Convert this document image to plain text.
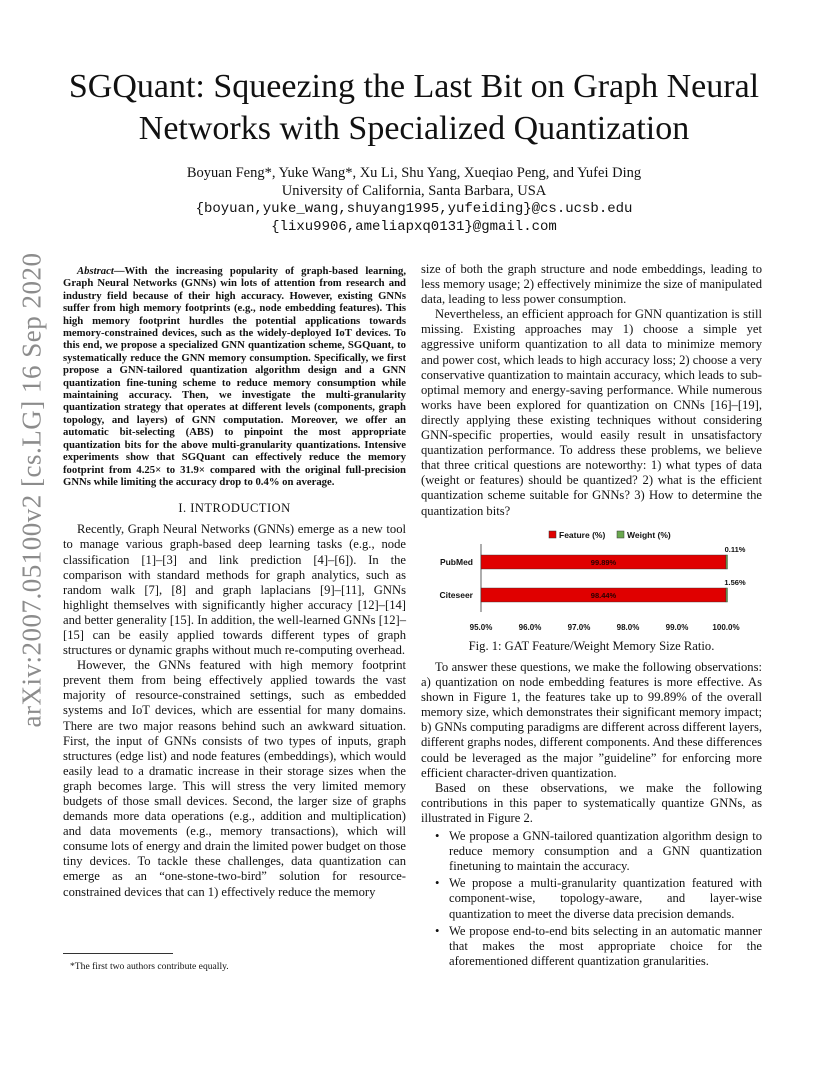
arXiv:2007.05100v2 [cs.LG] 16 Sep 2020
SGQuant: Squeezing the Last Bit on Graph Neural
Networks with Specialized Quantization
Boyuan Feng*, Yuke Wang*, Xu Li, Shu Yang, Xueqiao Peng, and Yufei Ding
University of California, Santa Barbara, USA
{boyuan,yuke_wang,shuyang1995,yufeiding}@cs.ucsb.edu
{lixu9906,ameliapxq0131}@gmail.com

Abstract—With the increasing popularity of graph-based learning, Graph Neural Networks (GNNs) win lots of attention from research and industry field because of their high accuracy. However, existing GNNs suffer from high memory footprints (e.g., node embedding features). This high memory footprint hurdles the potential applications towards memory-constrained devices, such as the widely-deployed IoT devices. To this end, we propose a specialized GNN quantization scheme, SGQuant, to systematically reduce the GNN memory consumption. Specifically, we first propose a GNN-tailored quantization algorithm design and a GNN quantization fine-tuning scheme to reduce memory consumption while maintaining accuracy. Then, we investigate the multi-granularity quantization strategy that operates at different levels (components, graph topology, and layers) of GNN computation. Moreover, we offer an automatic bit-selecting (ABS) to pinpoint the most appropriate quantization bits for the above multi-granularity quantizations. Intensive experiments show that SGQuant can effectively reduce the memory footprint from 4.25× to 31.9× compared with the original full-precision GNNs while limiting the accuracy drop to 0.4% on average.

I. INTRODUCTION

Recently, Graph Neural Networks (GNNs) emerge as a new tool to manage various graph-based deep learning tasks (e.g., node classification [1]–[3] and link prediction [4]–[6]). In the comparison with standard methods for graph analytics, such as random walk [7], [8] and graph laplacians [9]–[11], GNNs highlight themselves with significantly higher accuracy [12]–[14] and better generality [15]. In addition, the well-learned GNNs [12]–[15] can be easily applied towards different types of graph structures or dynamic graphs without much re-computing overhead.

However, the GNNs featured with high memory footprint prevent them from being effectively applied towards the vast majority of resource-constrained settings, such as embedded systems and IoT devices, which are essential for many domains. There are two major reasons behind such an awkward situation. First, the input of GNNs consists of two types of inputs, graph structures (edge list) and node features (embeddings), which would easily lead to a dramatic increase in their storage sizes when the graph becomes large. This will stress the very limited memory budgets of those small devices. Second, the larger size of graphs demands more data operations (e.g., addition and multiplication) and data movements (e.g., memory transactions), which will consume lots of energy and drain the limited power budget on those tiny devices. To tackle these challenges, data quantization can emerge as an “one-stone-two-bird” solution for resource-constrained devices that can 1) effectively reduce the memory

*The first two authors contribute equally.

size of both the graph structure and node embeddings, leading to less memory usage; 2) effectively minimize the size of manipulated data, leading to less power consumption.

Nevertheless, an efficient approach for GNN quantization is still missing. Existing approaches may 1) choose a simple yet aggressive uniform quantization to all data to minimize memory and power cost, which leads to high accuracy loss; 2) choose a very conservative quantization to maintain accuracy, which leads to sub-optimal memory and energy-saving performance. While numerous works have been explored for quantization on CNNs [16]–[19], directly applying these existing techniques without considering GNN-specific properties, would easily result in unsatisfactory quantization performance. To address these problems, we believe that three critical questions are noteworthy: 1) what types of data (weight or features) should be quantized? 2) what is the efficient quantization scheme suitable for GNNs? 3) How to determine the quantization bits?

Feature (%)	Weight (%)
PubMed	99.89%
0.11%
Citeseer	98.44%
1.56%
95.0%	96.0%	97.0%	98.0%	99.0%	100.0%
Fig. 1: GAT Feature/Weight Memory Size Ratio.

To answer these questions, we make the following observations: a) quantization on node embedding features is more effective. As shown in Figure 1, the features take up to 99.89% of the overall memory size, which demonstrates their significant memory impact; b) GNNs computing paradigms are different across different layers, different graphs nodes, different components. And these differences could be leveraged as the major ”guideline” for enforcing more efficient character-driven quantization.

Based on these observations, we make the following contributions in this paper to systematically quantize GNNs, as illustrated in Figure 2.

• We propose a GNN-tailored quantization algorithm design to reduce memory consumption and a GNN quantization finetuning to maintain the accuracy.
• We propose a multi-granularity quantization featured with component-wise, topology-aware, and layer-wise quantization to meet the diverse data precision demands.
• We propose end-to-end bits selecting in an automatic manner that makes the most appropriate choice for the aforementioned different quantization granularities.
